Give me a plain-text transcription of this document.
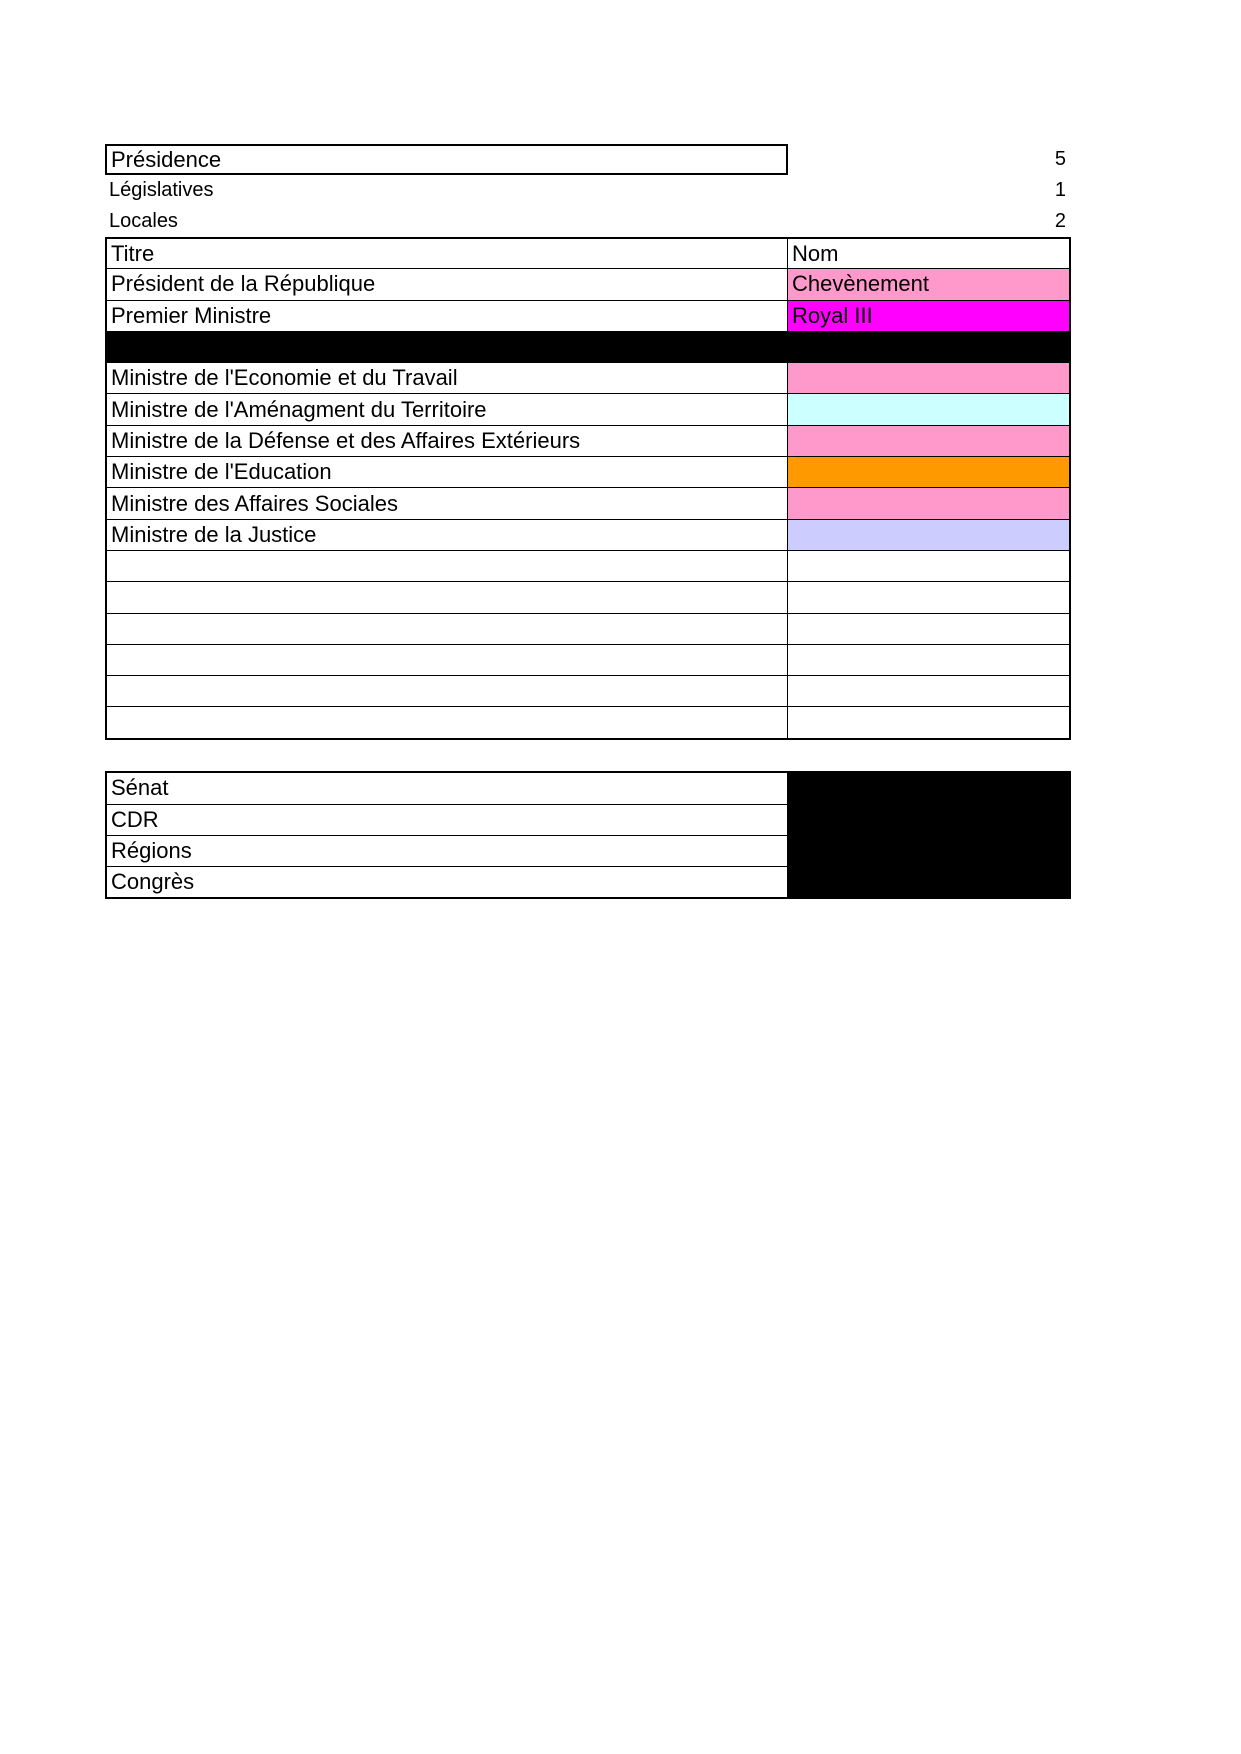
Présidence	5
Législatives	1
Locales	2
Titre	Nom
Président de la République	Chevènement
Premier Ministre	Royal III
Ministre de l'Economie et du Travail
Ministre de l'Aménagment du Territoire
Ministre de la Défense et des Affaires Extérieurs
Ministre de l'Education
Ministre des Affaires Sociales
Ministre de la Justice
Sénat
CDR
Régions
Congrès
